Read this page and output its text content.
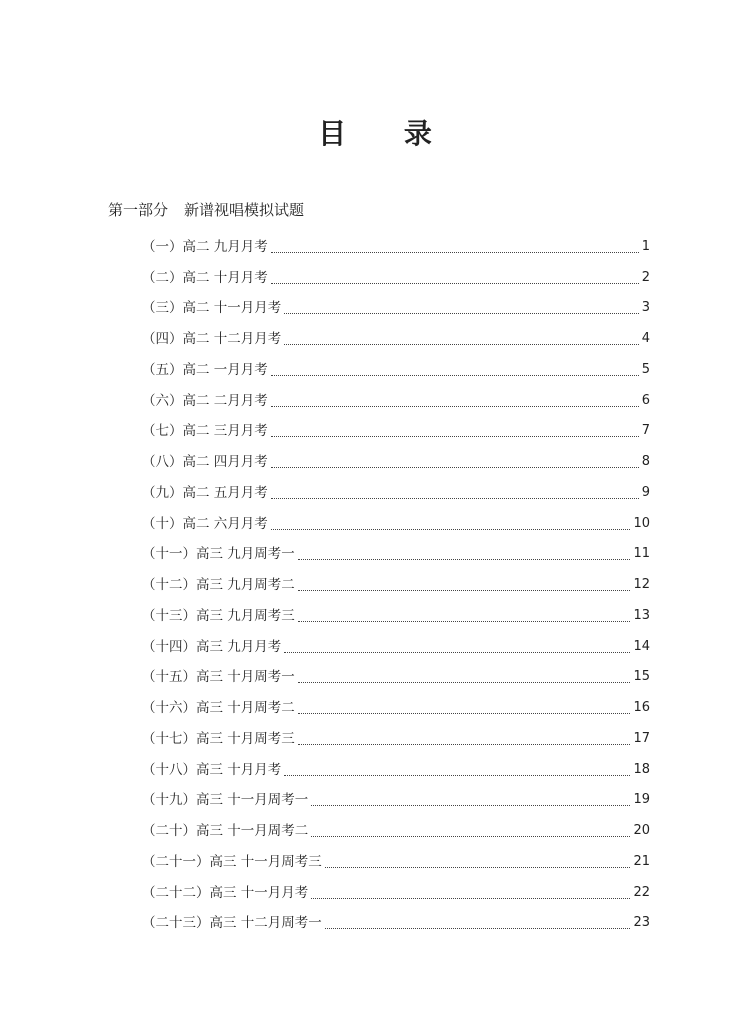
目 录
第一部分 新谱视唱模拟试题
（一）高二 九月月考	1
（二）高二 十月月考	2
（三）高二 十一月月考	3
（四）高二 十二月月考	4
（五）高二 一月月考	5
（六）高二 二月月考	6
（七）高二 三月月考	7
（八）高二 四月月考	8
（九）高二 五月月考	9
（十）高二 六月月考	10
（十一）高三 九月周考一	11
（十二）高三 九月周考二	12
（十三）高三 九月周考三	13
（十四）高三 九月月考	14
（十五）高三 十月周考一	15
（十六）高三 十月周考二	16
（十七）高三 十月周考三	17
（十八）高三 十月月考	18
（十九）高三 十一月周考一	19
（二十）高三 十一月周考二	20
（二十一）高三 十一月周考三	21
（二十二）高三 十一月月考	22
（二十三）高三 十二月周考一	23
